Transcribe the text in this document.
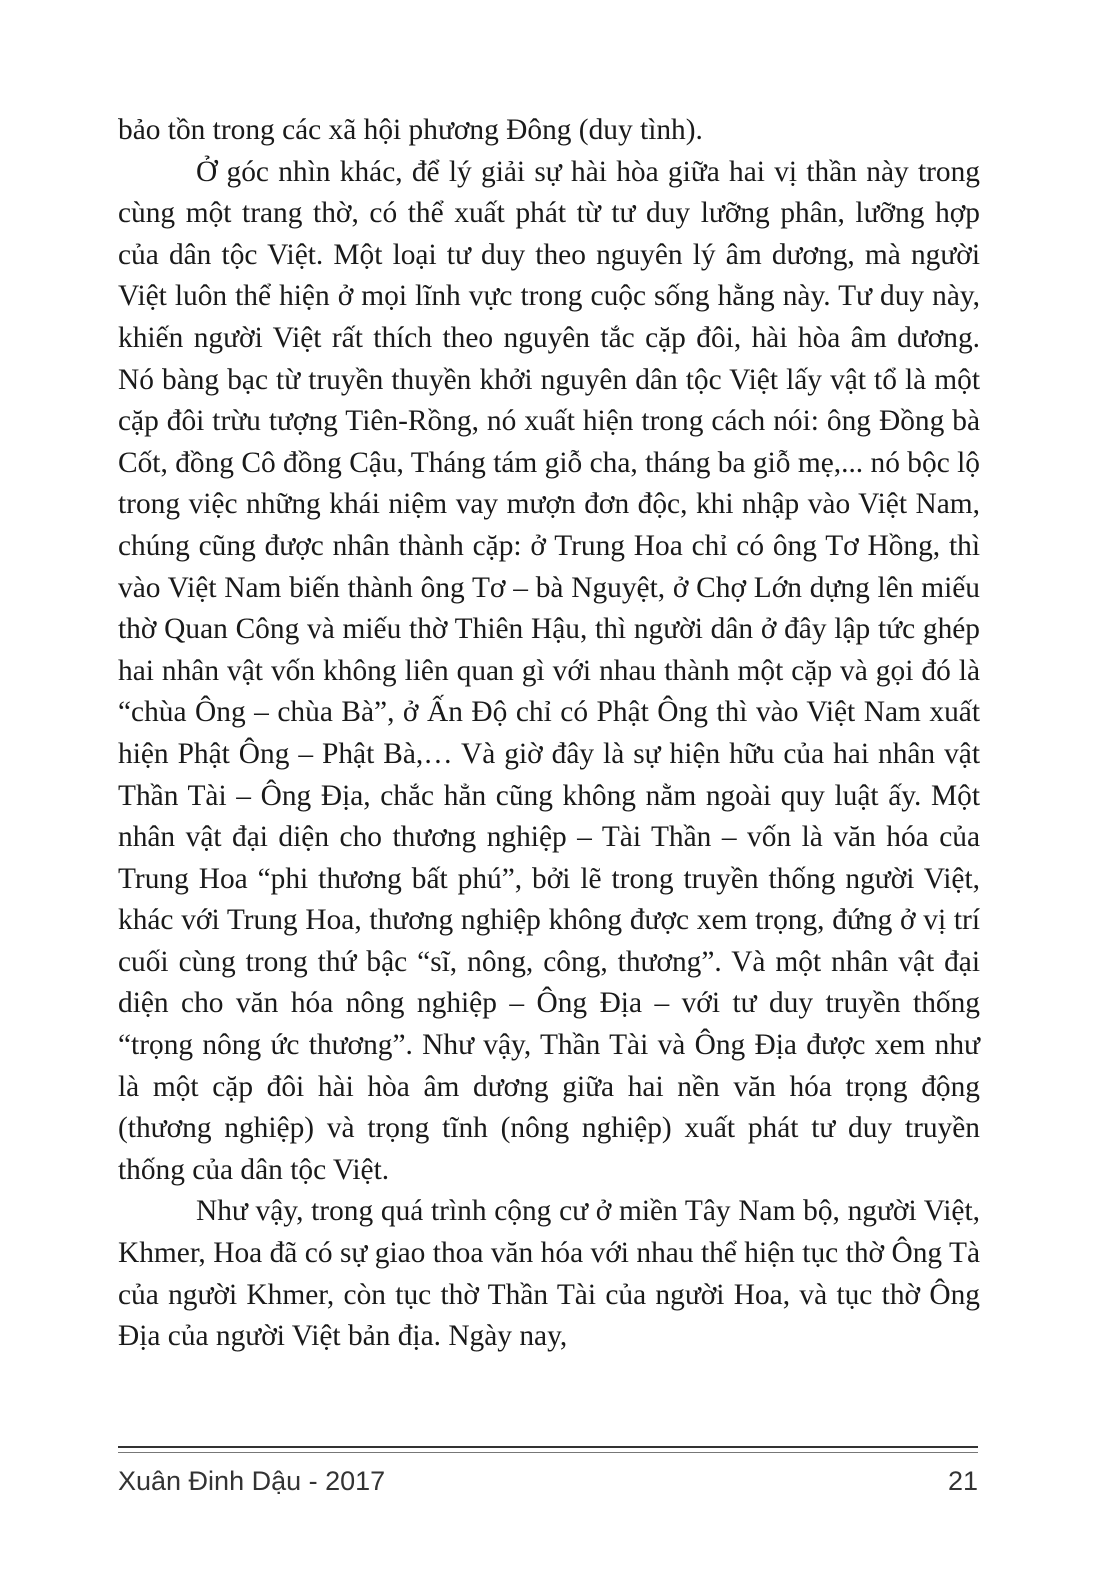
bảo tồn trong các xã hội phương Đông (duy tình).

Ở góc nhìn khác, để lý giải sự hài hòa giữa hai vị thần này trong cùng một trang thờ, có thể xuất phát từ tư duy lưỡng phân, lưỡng hợp của dân tộc Việt. Một loại tư duy theo nguyên lý âm dương, mà người Việt luôn thể hiện ở mọi lĩnh vực trong cuộc sống hằng này. Tư duy này, khiến người Việt rất thích theo nguyên tắc cặp đôi, hài hòa âm dương. Nó bàng bạc từ truyền thuyền khởi nguyên dân tộc Việt lấy vật tổ là một cặp đôi trừu tượng Tiên-Rồng, nó xuất hiện trong cách nói: ông Đồng bà Cốt, đồng Cô đồng Cậu, Tháng tám giỗ cha, tháng ba giỗ mẹ,... nó bộc lộ trong việc những khái niệm vay mượn đơn độc, khi nhập vào Việt Nam, chúng cũng được nhân thành cặp: ở Trung Hoa chỉ có ông Tơ Hồng, thì vào Việt Nam biến thành ông Tơ – bà Nguyệt, ở Chợ Lớn dựng lên miếu thờ Quan Công và miếu thờ Thiên Hậu, thì người dân ở đây lập tức ghép hai nhân vật vốn không liên quan gì với nhau thành một cặp và gọi đó là “chùa Ông – chùa Bà”, ở Ấn Độ chỉ có Phật Ông thì vào Việt Nam xuất hiện Phật Ông – Phật Bà,… Và giờ đây là sự hiện hữu của hai nhân vật Thần Tài – Ông Địa, chắc hẳn cũng không nằm ngoài quy luật ấy. Một nhân vật đại diện cho thương nghiệp – Tài Thần – vốn là văn hóa của Trung Hoa “phi thương bất phú”, bởi lẽ trong truyền thống người Việt, khác với Trung Hoa, thương nghiệp không được xem trọng, đứng ở vị trí cuối cùng trong thứ bậc “sĩ, nông, công, thương”. Và một nhân vật đại diện cho văn hóa nông nghiệp – Ông Địa – với tư duy truyền thống “trọng nông ức thương”. Như vậy, Thần Tài và Ông Địa được xem như là một cặp đôi hài hòa âm dương giữa hai nền văn hóa trọng động (thương nghiệp) và trọng tĩnh (nông nghiệp) xuất phát tư duy truyền thống của dân tộc Việt.

Như vậy, trong quá trình cộng cư ở miền Tây Nam bộ, người Việt, Khmer, Hoa đã có sự giao thoa văn hóa với nhau thể hiện tục thờ Ông Tà của người Khmer, còn tục thờ Thần Tài của người Hoa, và tục thờ Ông Địa của người Việt bản địa. Ngày nay,

Xuân Đinh Dậu - 2017	21
